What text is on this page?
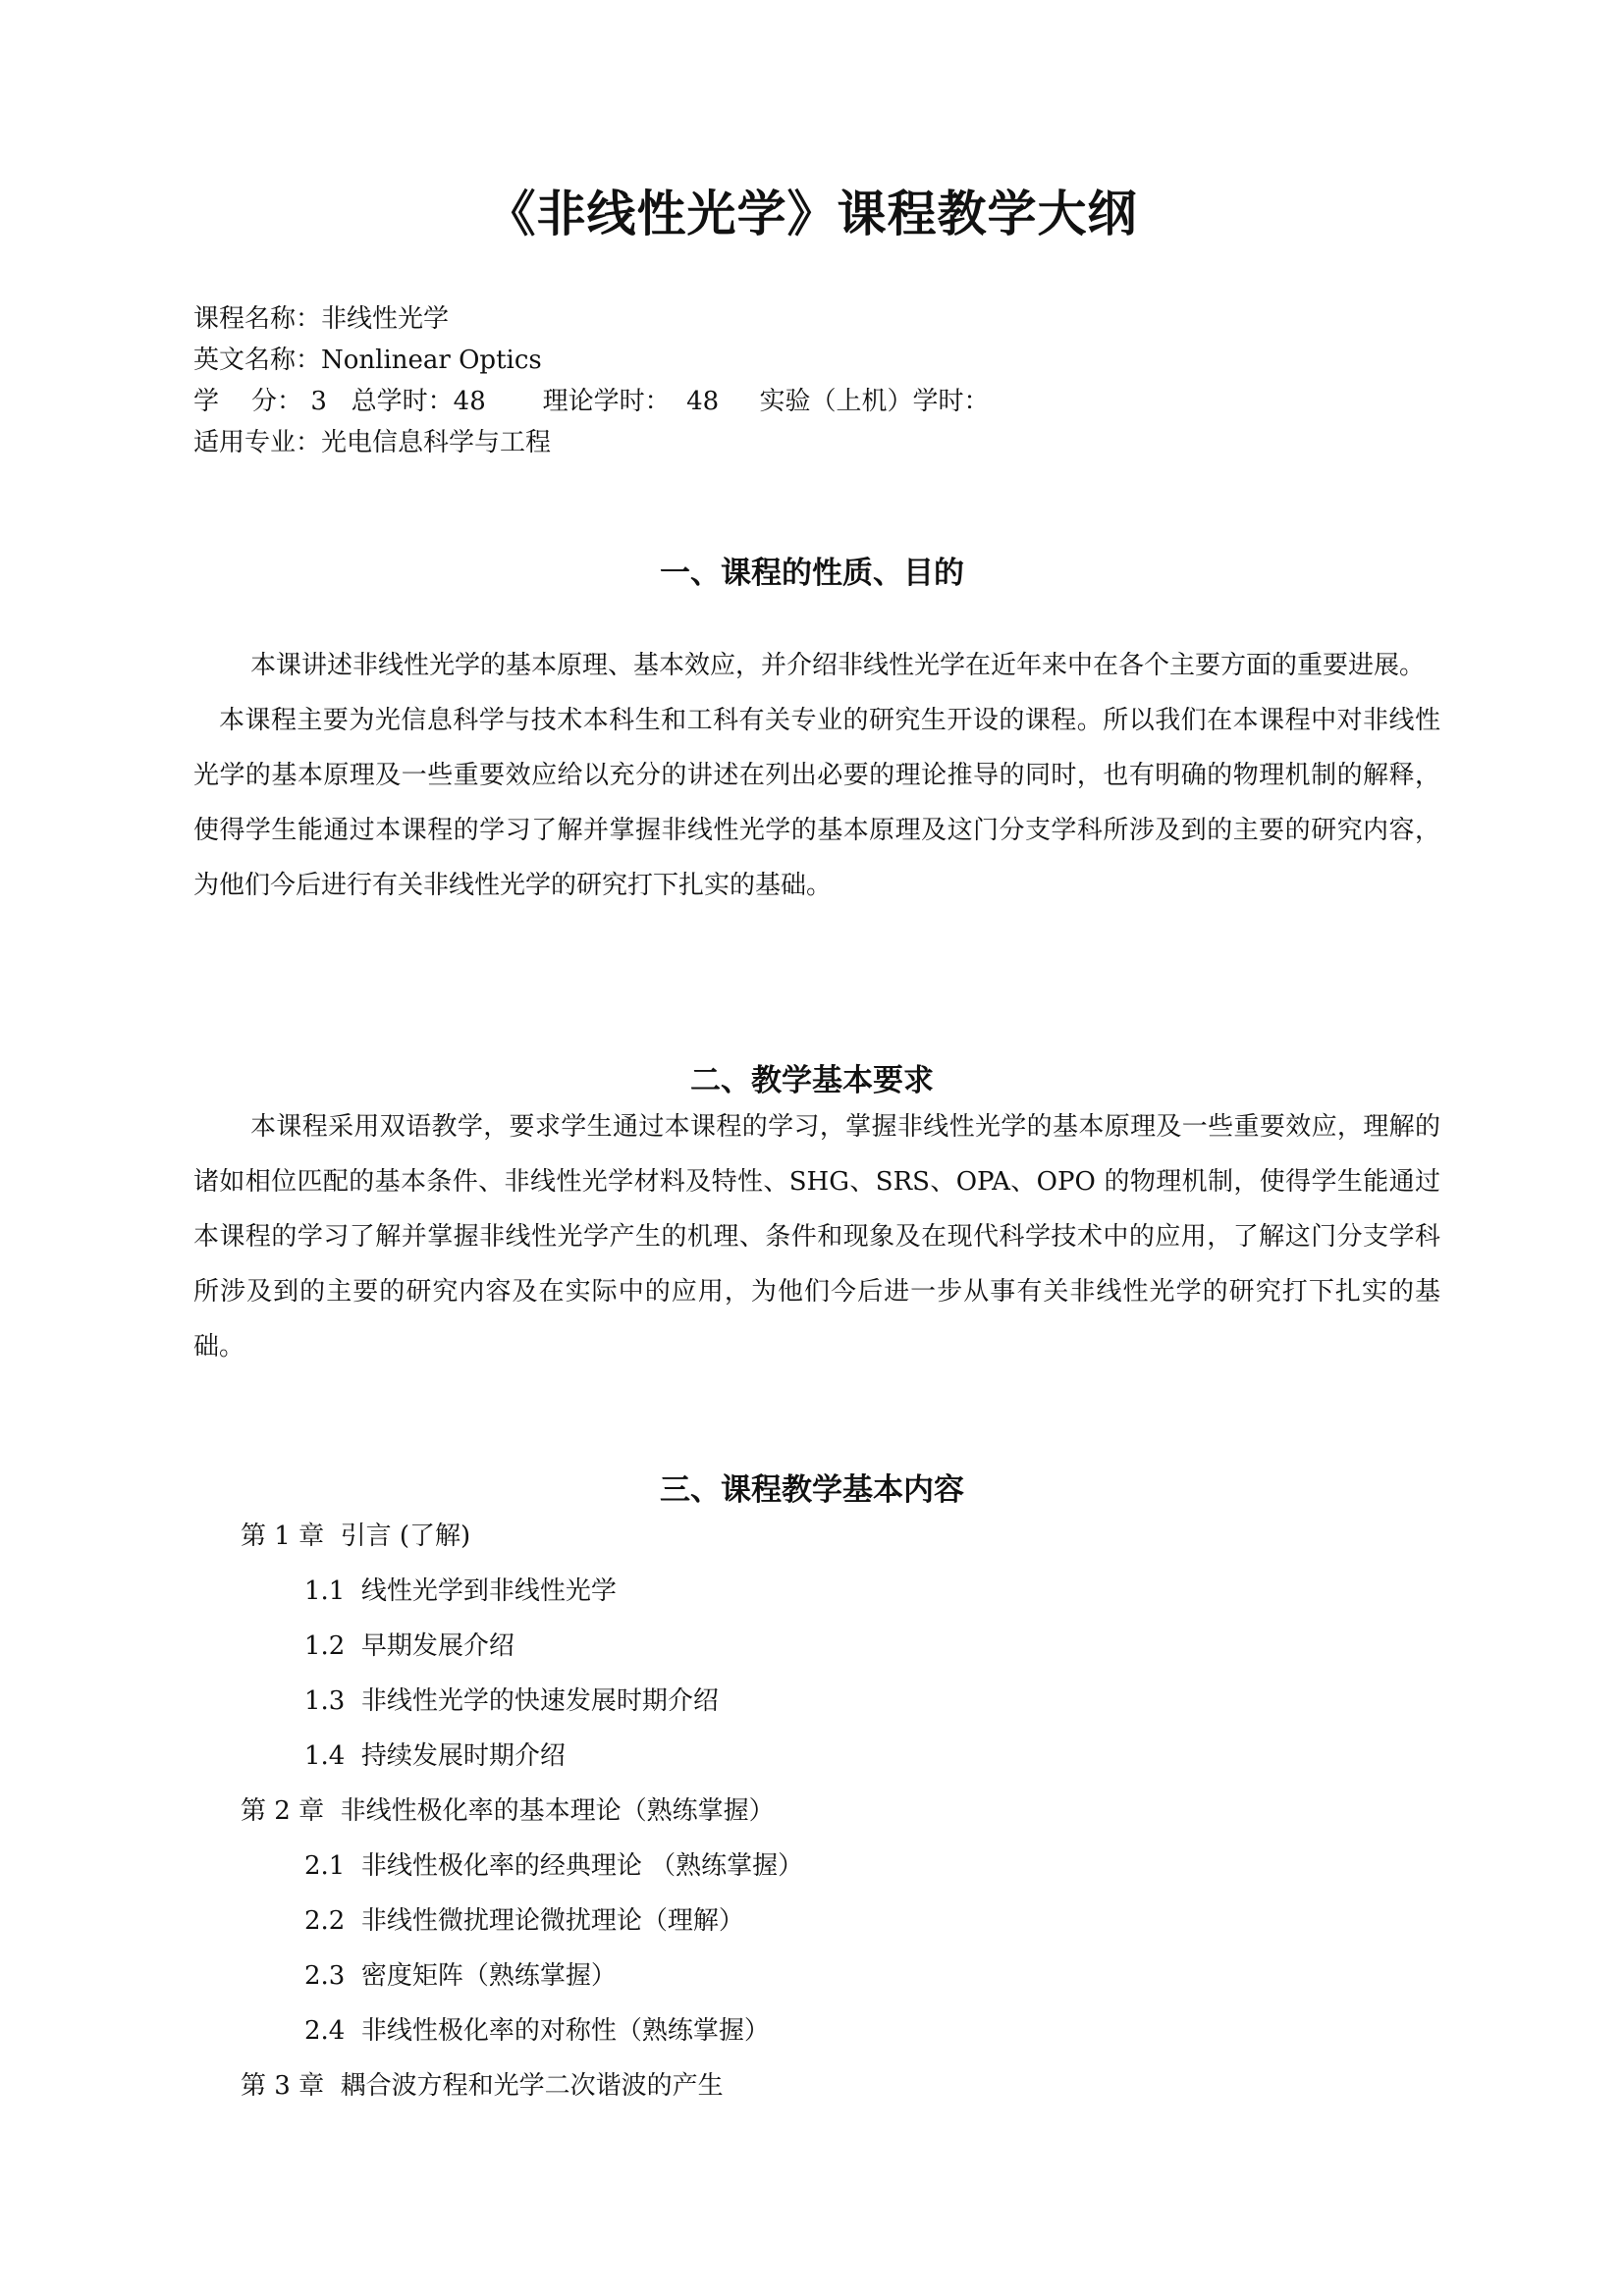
《非线性光学》课程教学大纲
课程名称：非线性光学
英文名称：Nonlinear Optics
学    分： 3   总学时：48       理论学时：  48     实验（上机）学时：
适用专业：光电信息科学与工程
一、课程的性质、目的

本课讲述非线性光学的基本原理、基本效应，并介绍非线性光学在近年来中在各个主要方面的重要进展。

本课程主要为光信息科学与技术本科生和工科有关专业的研究生开设的课程。所以我们在本课程中对非线性光学的基本原理及一些重要效应给以充分的讲述在列出必要的理论推导的同时，也有明确的物理机制的解释，使得学生能通过本课程的学习了解并掌握非线性光学的基本原理及这门分支学科所涉及到的主要的研究内容，为他们今后进行有关非线性光学的研究打下扎实的基础。

二、教学基本要求

本课程采用双语教学，要求学生通过本课程的学习，掌握非线性光学的基本原理及一些重要效应，理解的诸如相位匹配的基本条件、非线性光学材料及特性、SHG、SRS、OPA、OPO 的物理机制，使得学生能通过本课程的学习了解并掌握非线性光学产生的机理、条件和现象及在现代科学技术中的应用，了解这门分支学科所涉及到的主要的研究内容及在实际中的应用，为他们今后进一步从事有关非线性光学的研究打下扎实的基础。

三、课程教学基本内容
第 1 章  引言 (了解)
1.1  线性光学到非线性光学
1.2  早期发展介绍
1.3  非线性光学的快速发展时期介绍
1.4  持续发展时期介绍
第 2 章  非线性极化率的基本理论（熟练掌握）
2.1  非线性极化率的经典理论 （熟练掌握）
2.2  非线性微扰理论微扰理论（理解）
2.3  密度矩阵（熟练掌握）
2.4  非线性极化率的对称性（熟练掌握）
第 3 章  耦合波方程和光学二次谐波的产生
